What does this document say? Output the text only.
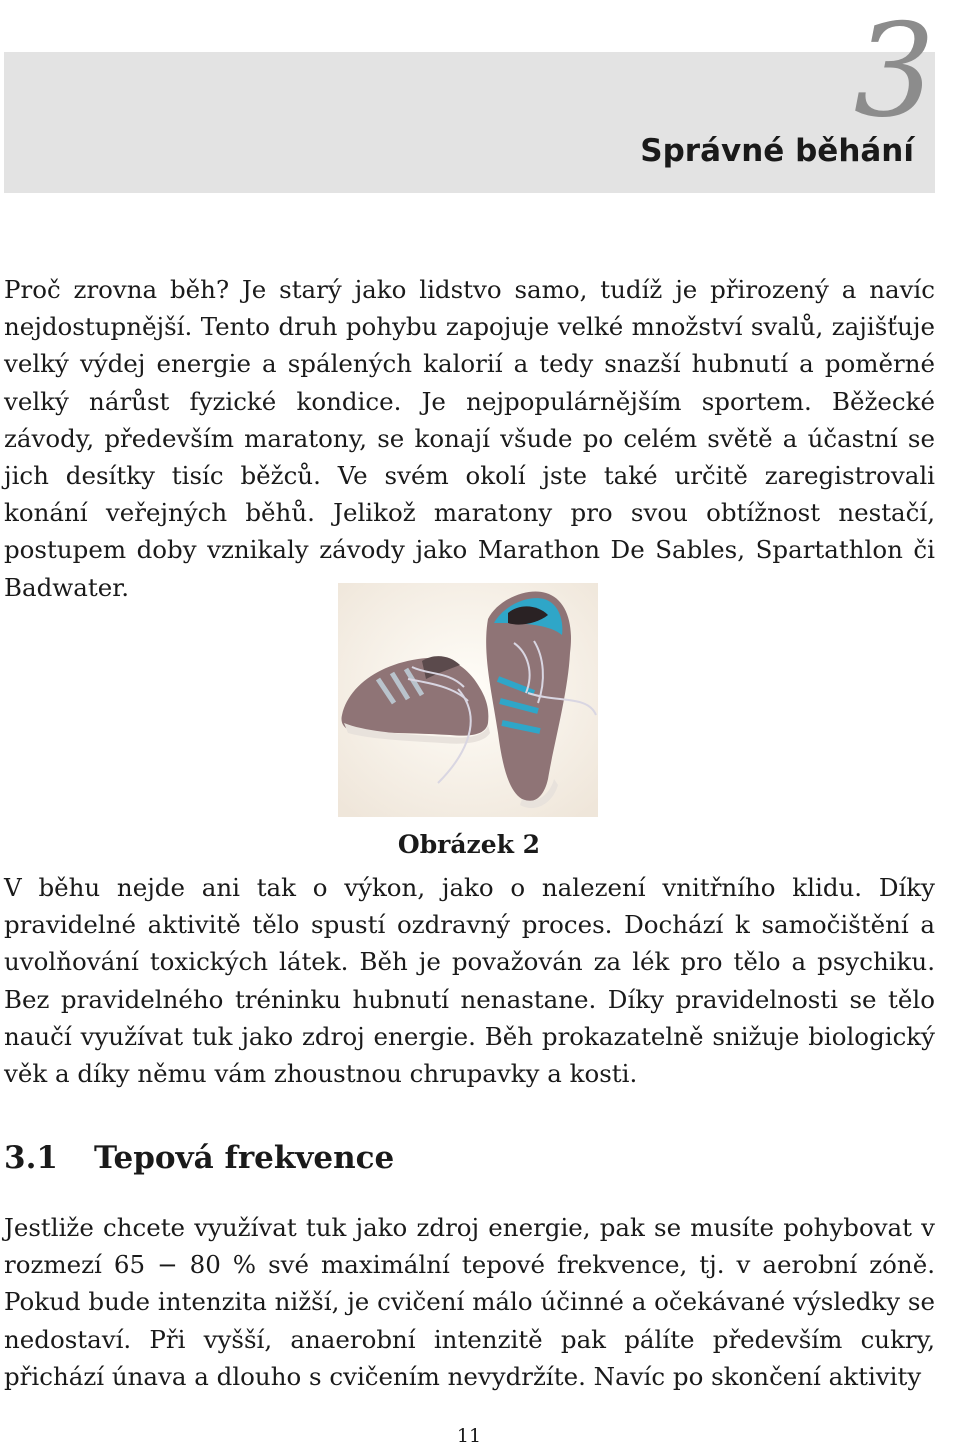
3
Správné běhání

Proč zrovna běh? Je starý jako lidstvo samo, tudíž je přirozený a navíc nejdostupnější. Tento druh pohybu zapojuje velké množství svalů, zajišťuje velký výdej energie a spálených kalorií a tedy snazší hubnutí a poměrné velký nárůst fyzické kondice. Je nejpopulárnějším sportem. Běžecké závody, především maratony, se konají všude po celém světě a účastní se jich desítky tisíc běžců. Ve svém okolí jste také určitě zaregistrovali konání veřejných běhů. Jelikož maratony pro svou obtížnost nestačí, postupem doby vznikaly závody jako Marathon De Sables, Spartathlon či Badwater.

Obrázek 2

V běhu nejde ani tak o výkon, jako o nalezení vnitřního klidu. Díky pravidelné aktivitě tělo spustí ozdravný proces. Dochází k samočištění a uvolňování toxických látek. Běh je považován za lék pro tělo a psychiku. Bez pravidelného tréninku hubnutí nenastane. Díky pravidelnosti se tělo naučí využívat tuk jako zdroj energie. Běh prokazatelně snižuje biologický věk a díky němu vám zhoustnou chrupavky a kosti.

3.1 Tepová frekvence

Jestliže chcete využívat tuk jako zdroj energie, pak se musíte pohybovat v rozmezí 65 − 80 % své maximální tepové frekvence, tj. v aerobní zóně. Pokud bude intenzita nižší, je cvičení málo účinné a očekávané výsledky se nedostaví. Při vyšší, anaerobní intenzitě pak pálíte především cukry, přichází únava a dlouho s cvičením nevydržíte. Navíc po skončení aktivity

11
